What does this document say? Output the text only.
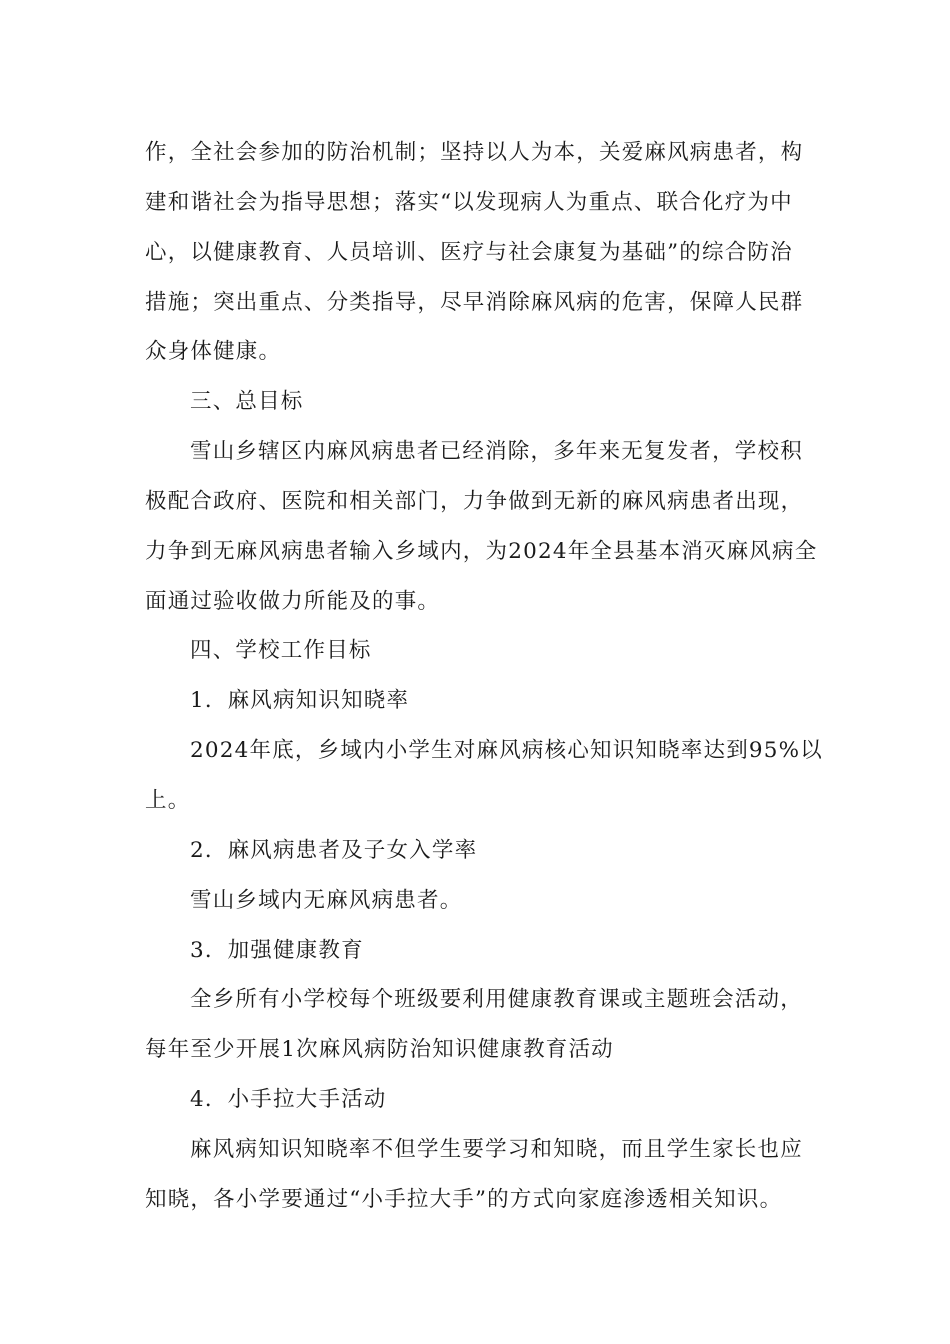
作，全社会参加的防治机制；坚持以人为本，关爱麻风病患者，构
建和谐社会为指导思想；落实“以发现病人为重点、联合化疗为中
心，以健康教育、人员培训、医疗与社会康复为基础”的综合防治
措施；突出重点、分类指导，尽早消除麻风病的危害，保障人民群
众身体健康。
三、总目标
雪山乡辖区内麻风病患者已经消除，多年来无复发者，学校积
极配合政府、医院和相关部门，力争做到无新的麻风病患者出现，
力争到无麻风病患者输入乡域内，为2024年全县基本消灭麻风病全
面通过验收做力所能及的事。
四、学校工作目标
1．麻风病知识知晓率
2024年底，乡域内小学生对麻风病核心知识知晓率达到95%以
上。
2．麻风病患者及子女入学率
雪山乡域内无麻风病患者。
3．加强健康教育
全乡所有小学校每个班级要利用健康教育课或主题班会活动，
每年至少开展1次麻风病防治知识健康教育活动
4．小手拉大手活动
麻风病知识知晓率不但学生要学习和知晓，而且学生家长也应
知晓，各小学要通过“小手拉大手”的方式向家庭渗透相关知识。
